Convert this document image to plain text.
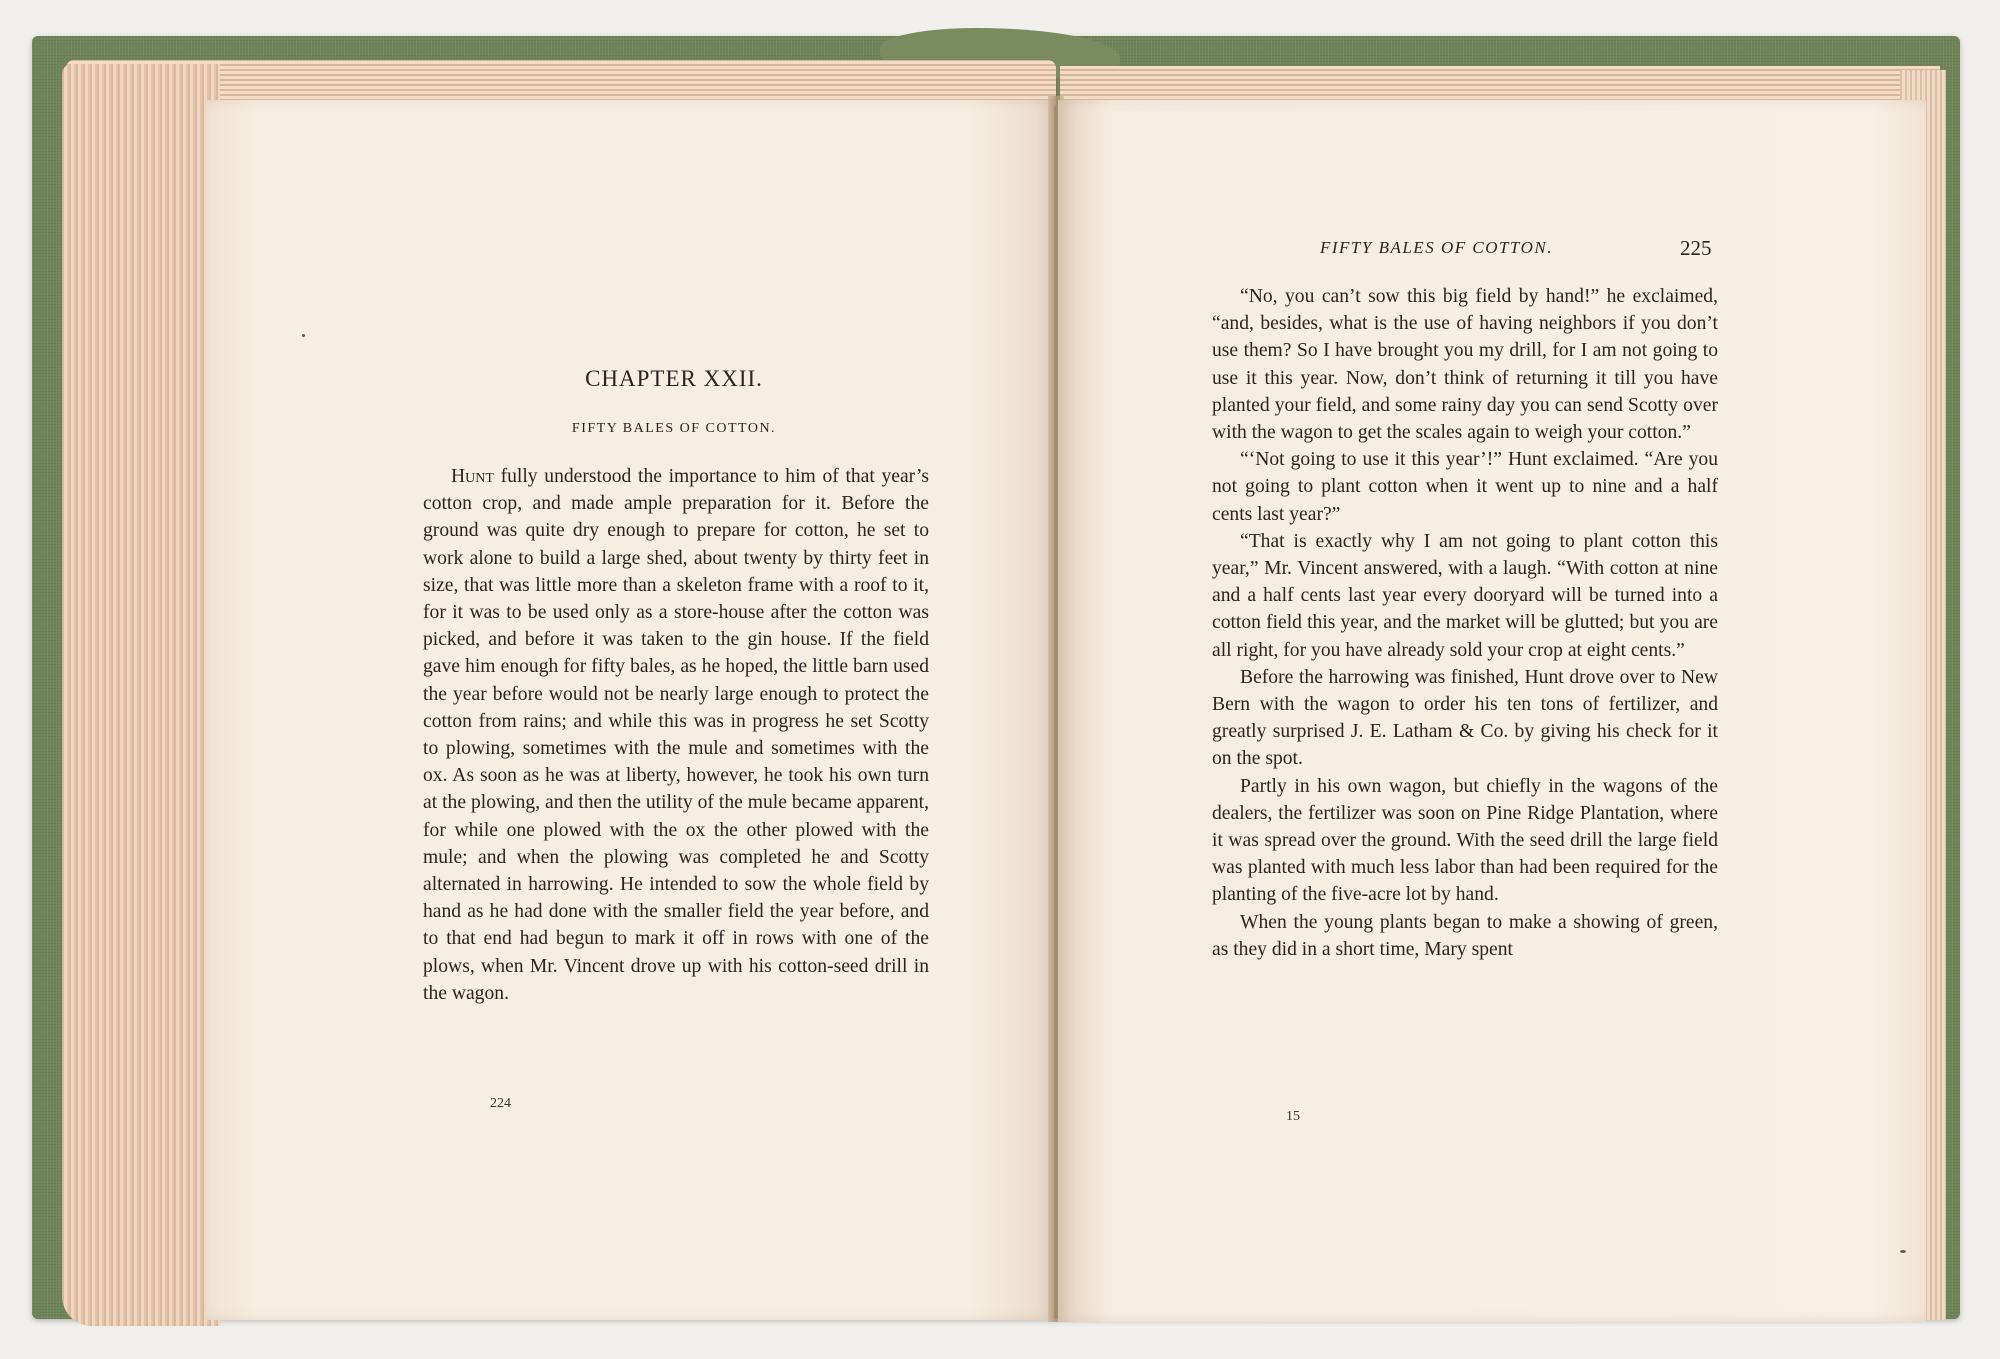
CHAPTER XXII.
FIFTY BALES OF COTTON.

Hunt fully understood the importance to him of that year’s cotton crop, and made ample preparation for it. Before the ground was quite dry enough to prepare for cotton, he set to work alone to build a large shed, about twenty by thirty feet in size, that was little more than a skeleton frame with a roof to it, for it was to be used only as a store-house after the cotton was picked, and before it was taken to the gin house. If the field gave him enough for fifty bales, as he hoped, the little barn used the year before would not be nearly large enough to protect the cotton from rains; and while this was in progress he set Scotty to plowing, sometimes with the mule and sometimes with the ox. As soon as he was at liberty, however, he took his own turn at the plowing, and then the utility of the mule became apparent, for while one plowed with the ox the other plowed with the mule; and when the plowing was completed he and Scotty alternated in harrowing. He intended to sow the whole field by hand as he had done with the smaller field the year before, and to that end had begun to mark it off in rows with one of the plows, when Mr. Vincent drove up with his cotton-seed drill in the wagon.

224
FIFTY BALES OF COTTON.	225

“No, you can’t sow this big field by hand!” he exclaimed, “and, besides, what is the use of having neighbors if you don’t use them? So I have brought you my drill, for I am not going to use it this year. Now, don’t think of returning it till you have planted your field, and some rainy day you can send Scotty over with the wagon to get the scales again to weigh your cotton.”

“‘Not going to use it this year’!” Hunt exclaimed. “Are you not going to plant cotton when it went up to nine and a half cents last year?”

“That is exactly why I am not going to plant cotton this year,” Mr. Vincent answered, with a laugh. “With cotton at nine and a half cents last year every dooryard will be turned into a cotton field this year, and the market will be glutted; but you are all right, for you have already sold your crop at eight cents.”

Before the harrowing was finished, Hunt drove over to New Bern with the wagon to order his ten tons of fertilizer, and greatly surprised J. E. Latham & Co. by giving his check for it on the spot.

Partly in his own wagon, but chiefly in the wagons of the dealers, the fertilizer was soon on Pine Ridge Plantation, where it was spread over the ground. With the seed drill the large field was planted with much less labor than had been required for the planting of the five-acre lot by hand.

When the young plants began to make a showing of green, as they did in a short time, Mary spent

15
